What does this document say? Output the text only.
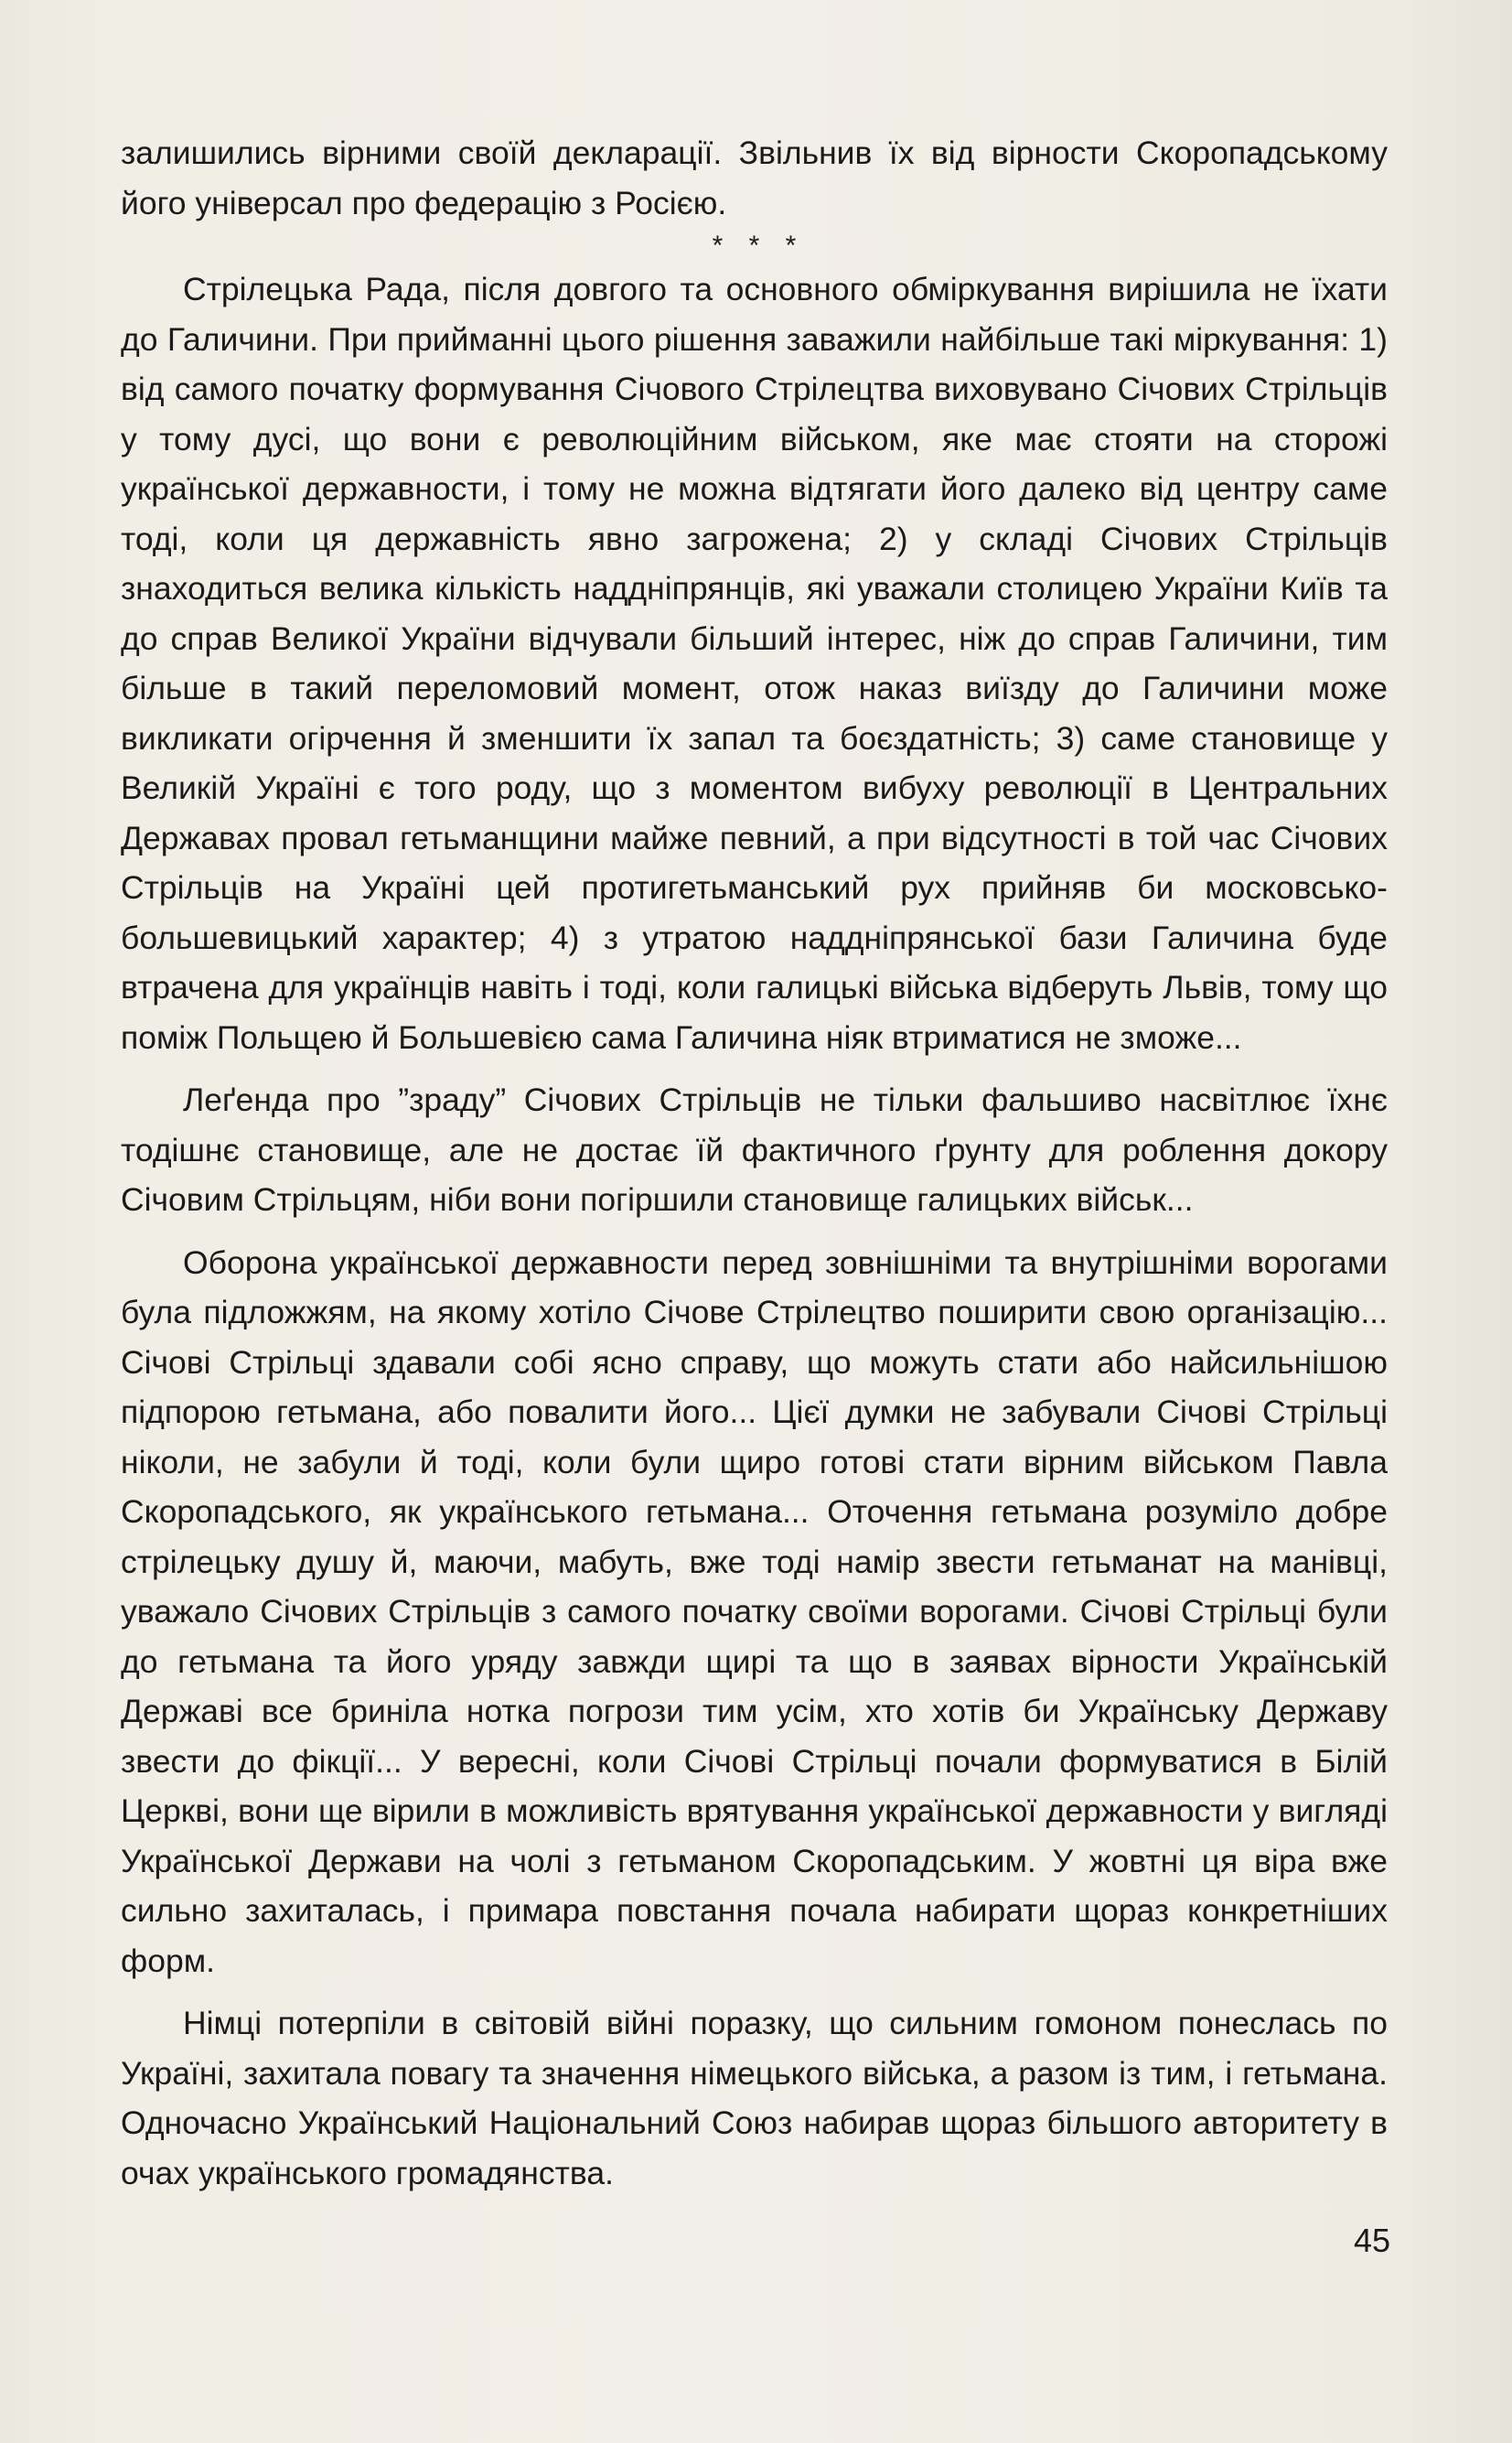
залишились вірними своїй декларації. Звільнив їх від вірности Скоропадському його універсал про федерацію з Росією.

* * *

Стрілецька Рада, після довгого та основного обміркування вирішила не їхати до Галичини. При прийманні цього рішення заважили найбільше такі міркування: 1) від самого початку формування Січового Стрілецтва виховувано Січових Стрільців у тому дусі, що вони є революційним військом, яке має стояти на сторожі української державности, і тому не можна відтягати його далеко від центру саме тоді, коли ця державність явно загрожена; 2) у складі Січових Стрільців знаходиться велика кількість наддніпрянців, які уважали столицею України Київ та до справ Великої України відчували більший інтерес, ніж до справ Галичини, тим більше в такий переломовий момент, отож наказ виїзду до Галичини може викликати огірчення й зменшити їх запал та боєздатність; 3) саме становище у Великій Україні є того роду, що з моментом вибуху революції в Центральних Державах провал гетьманщини майже певний, а при відсутності в той час Січових Стрільців на Україні цей протигетьманський рух прийняв би московсько-большевицький характер; 4) з утратою наддніпрянської бази Галичина буде втрачена для українців навіть і тоді, коли галицькі війська відберуть Львів, тому що поміж Польщею й Большевією сама Галичина ніяк втриматися не зможе...

Леґенда про ”зраду” Січових Стрільців не тільки фальшиво насвітлює їхнє тодішнє становище, але не достає їй фактичного ґрунту для роблення докору Січовим Стрільцям, ніби вони погіршили становище галицьких військ...

Оборона української державности перед зовнішніми та внутрішніми ворогами була підложжям, на якому хотіло Січове Стрілецтво поширити свою організацію... Січові Стрільці здавали собі ясно справу, що можуть стати або найсильнішою підпорою гетьмана, або повалити його... Цієї думки не забували Січові Стрільці ніколи, не забули й тоді, коли були щиро готові стати вірним військом Павла Скоропадського, як українського гетьмана... Оточення гетьмана розуміло добре стрілецьку душу й, маючи, мабуть, вже тоді намір звести гетьманат на манівці, уважало Січових Стрільців з самого початку своїми ворогами. Січові Стрільці були до гетьмана та його уряду завжди щирі та що в заявах вірности Українській Державі все бриніла нотка погрози тим усім, хто хотів би Українську Державу звести до фікції... У вересні, коли Січові Стрільці почали формуватися в Білій Церкві, вони ще вірили в можливість врятування української державности у вигляді Української Держави на чолі з гетьманом Скоропадським. У жовтні ця віра вже сильно захиталась, і примара повстання почала набирати щораз конкретніших форм.

Німці потерпіли в світовій війні поразку, що сильним гомоном понеслась по Україні, захитала повагу та значення німецького війська, а разом із тим, і гетьмана. Одночасно Український Національний Союз набирав щораз більшого авторитету в очах українського громадянства.

45
